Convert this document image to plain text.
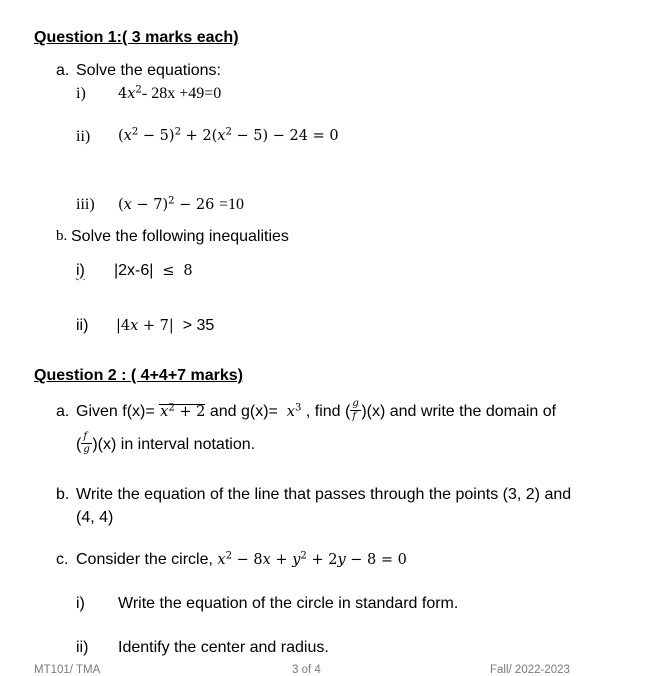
Question 1:( 3 marks each)
a. Solve the equations:
i) $4x^2-$ 28x +49=0
ii) $(x^2 - 5)^2 + 2(x^2 - 5) - 24 = 0$
iii) $(x - 7)^2 - 26 =10$
b. Solve the following inequalities
i) |2x-6| ≤ 8
ii) |4x + 7| > 35
Question 2 : ( 4+4+7 marks)
a. Given $f(x)= x^2 + 2$ and $g(x)= x^3$ , find ( $\frac{g}{f} )(x)$ and write the domain of
( $\frac{f}{g} )(x)$ in interval notation.
b. Write the equation of the line that passes through the points (3, 2) and
(4, 4)
c. Consider the circle, $x^2 - 8x + y^2 + 2y - 8 = 0$
i) Write the equation of the circle in standard form.
ii) Identify the center and radius.
MT101/ TMA	3 of 4	Fall/ 2022-2023
